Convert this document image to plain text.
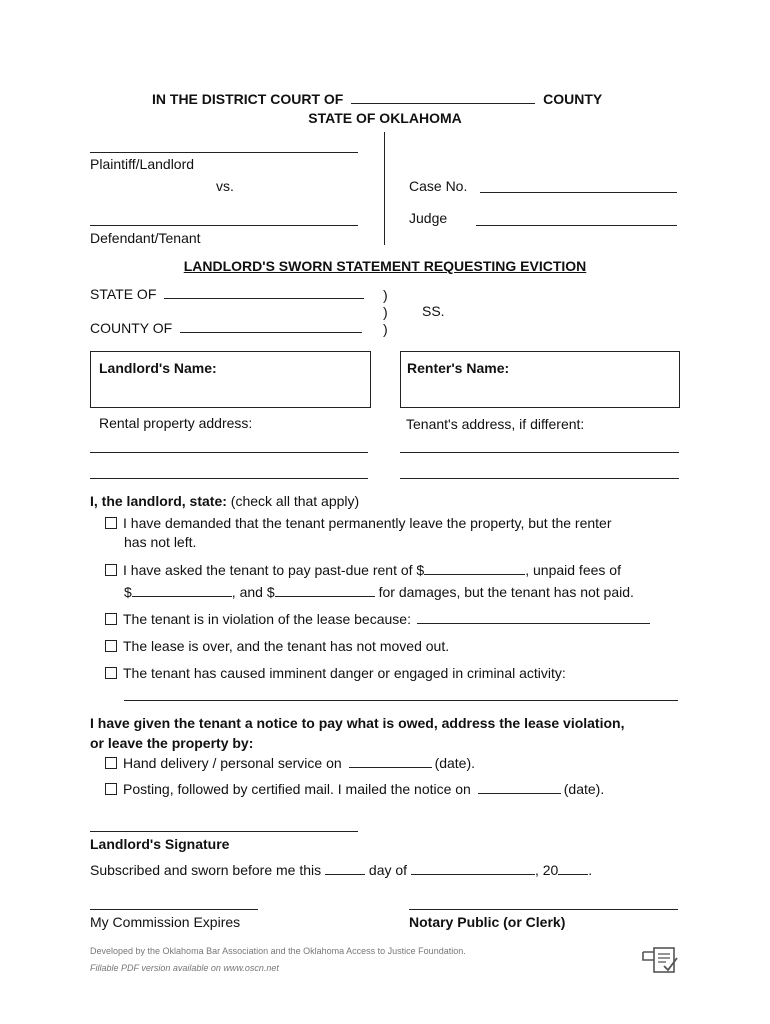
IN THE DISTRICT COURT OF	COUNTY
STATE OF OKLAHOMA
Plaintiff/Landlord
vs.
Defendant/Tenant
Case No.
Judge
LANDLORD'S SWORN STATEMENT REQUESTING EVICTION
STATE OF
COUNTY OF
)
)
)
SS.
Landlord's Name:	Renter's Name:
Rental property address:	Tenant's address, if different:
I, the landlord, state: (check all that apply)
I have demanded that the tenant permanently leave the property, but the renter
has not left.
I have asked the tenant to pay past-due rent of $	, unpaid fees of
$	, and $	for damages, but the tenant has not paid.
The tenant is in violation of the lease because:
The lease is over, and the tenant has not moved out.
The tenant has caused imminent danger or engaged in criminal activity:
I have given the tenant a notice to pay what is owed, address the lease violation,
or leave the property by:
Hand delivery / personal service on	(date).
Posting, followed by certified mail. I mailed the notice on	(date).
Landlord's Signature
Subscribed and sworn before me this	day of	, 20 .
My Commission Expires	Notary Public (or Clerk)
Developed by the Oklahoma Bar Association and the Oklahoma Access to Justice Foundation.
Fillable PDF version available on www.oscn.net
